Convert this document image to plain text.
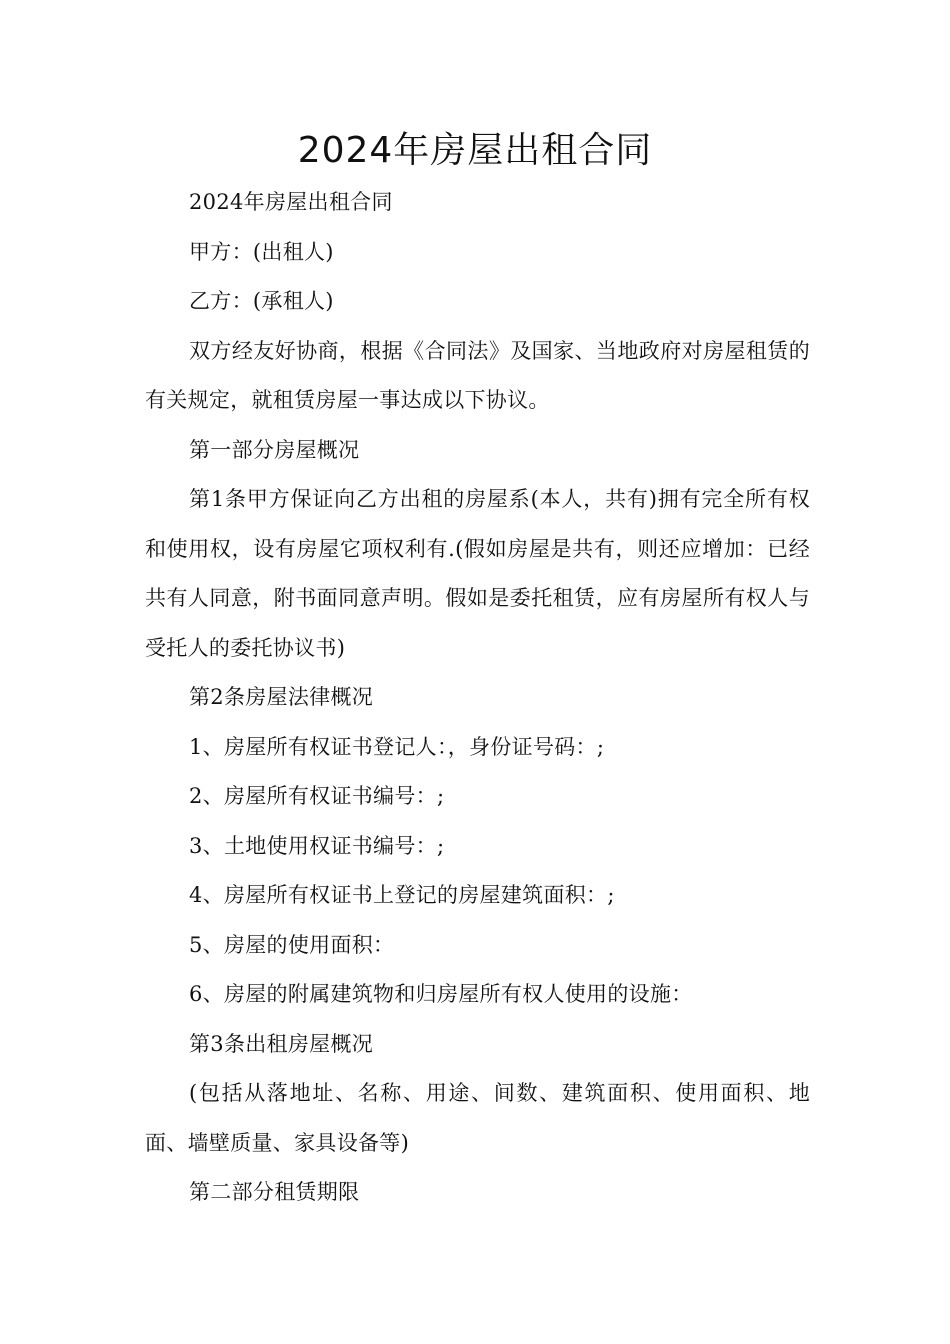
2024年房屋出租合同

2024年房屋出租合同

甲方：(出租人)

乙方：(承租人)

双方经友好协商，根据《合同法》及国家、当地政府对房屋租赁的有关规定，就租赁房屋一事达成以下协议。

第一部分房屋概况

第1条甲方保证向乙方出租的房屋系(本人，共有)拥有完全所有权和使用权，设有房屋它项权利有.(假如房屋是共有，则还应增加：已经共有人同意，附书面同意声明。假如是委托租赁，应有房屋所有权人与受托人的委托协议书)

第2条房屋法律概况

1、房屋所有权证书登记人：，身份证号码：;

2、房屋所有权证书编号：;

3、土地使用权证书编号：;

4、房屋所有权证书上登记的房屋建筑面积：;

5、房屋的使用面积：

6、房屋的附属建筑物和归房屋所有权人使用的设施：

第3条出租房屋概况

(包括从落地址、名称、用途、间数、建筑面积、使用面积、地面、墙壁质量、家具设备等)

第二部分租赁期限
